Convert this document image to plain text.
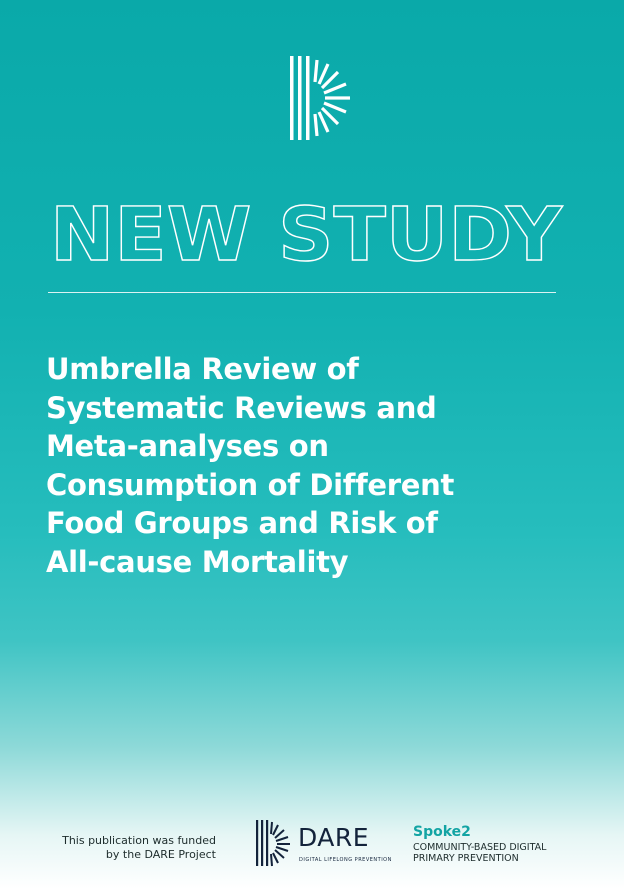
NEW STUDY
Umbrella Review of
Systematic Reviews and
Meta-analyses on
Consumption of Different
Food Groups and Risk of
All-cause Mortality
This publication was funded
by the DARE Project
DARE
DIGITAL LIFELONG PREVENTION
Spoke2
COMMUNITY-BASED DIGITAL
PRIMARY PREVENTION
